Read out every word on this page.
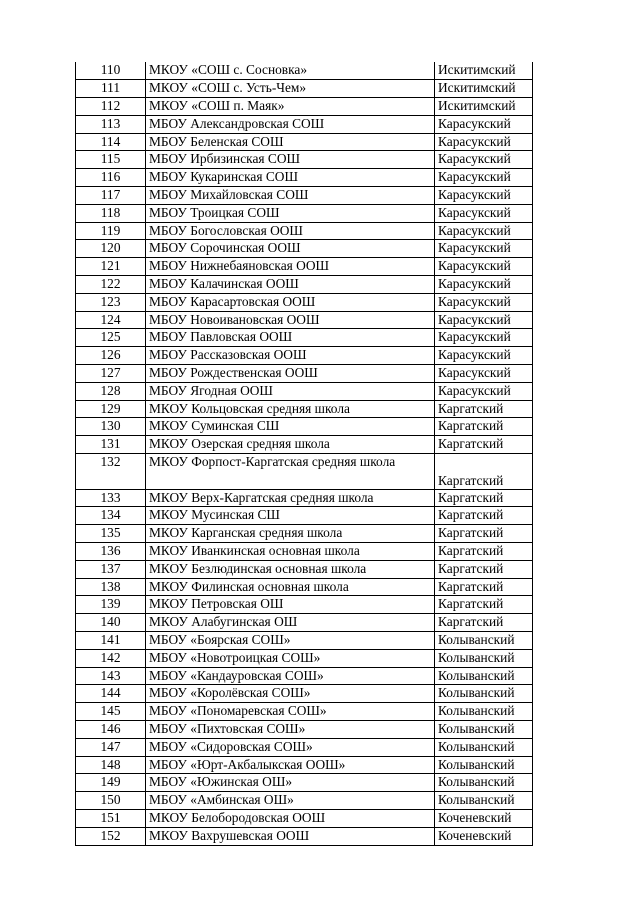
110	МКОУ «СОШ с. Сосновка»	Искитимский
111	МКОУ «СОШ с. Усть-Чем»	Искитимский
112	МКОУ «СОШ п. Маяк»	Искитимский
113	МБОУ Александровская СОШ	Карасукский
114	МБОУ Беленская СОШ	Карасукский
115	МБОУ Ирбизинская СОШ	Карасукский
116	МБОУ Кукаринская СОШ	Карасукский
117	МБОУ Михайловская СОШ	Карасукский
118	МБОУ Троицкая СОШ	Карасукский
119	МБОУ Богословская ООШ	Карасукский
120	МБОУ Сорочинская ООШ	Карасукский
121	МБОУ Нижнебаяновская ООШ	Карасукский
122	МБОУ Калачинская ООШ	Карасукский
123	МБОУ Карасартовская ООШ	Карасукский
124	МБОУ Новоивановская ООШ	Карасукский
125	МБОУ Павловская ООШ	Карасукский
126	МБОУ Рассказовская ООШ	Карасукский
127	МБОУ Рождественская ООШ	Карасукский
128	МБОУ Ягодная ООШ	Карасукский
129	МКОУ Кольцовская средняя школа	Каргатский
130	МКОУ Суминская СШ	Каргатский
131	МКОУ Озерская средняя школа	Каргатский
132	МКОУ Форпост-Каргатская средняя школа	Каргатский
133	МКОУ Верх-Каргатская средняя школа	Каргатский
134	МКОУ Мусинская СШ	Каргатский
135	МКОУ Карганская средняя школа	Каргатский
136	МКОУ Иванкинская основная школа	Каргатский
137	МКОУ Безлюдинская основная школа	Каргатский
138	МКОУ Филинская основная школа	Каргатский
139	МКОУ Петровская ОШ	Каргатский
140	МКОУ Алабугинская ОШ	Каргатский
141	МБОУ «Боярская СОШ»	Колыванский
142	МБОУ «Новотроицкая СОШ»	Колыванский
143	МБОУ «Кандауровская СОШ»	Колыванский
144	МБОУ «Королёвская СОШ»	Колыванский
145	МБОУ «Пономаревская СОШ»	Колыванский
146	МБОУ «Пихтовская СОШ»	Колыванский
147	МБОУ «Сидоровская СОШ»	Колыванский
148	МБОУ «Юрт-Акбалыкская ООШ»	Колыванский
149	МБОУ «Южинская ОШ»	Колыванский
150	МБОУ «Амбинская ОШ»	Колыванский
151	МКОУ Белобородовская ООШ	Коченевский
152	МКОУ Вахрушевская ООШ	Коченевский
